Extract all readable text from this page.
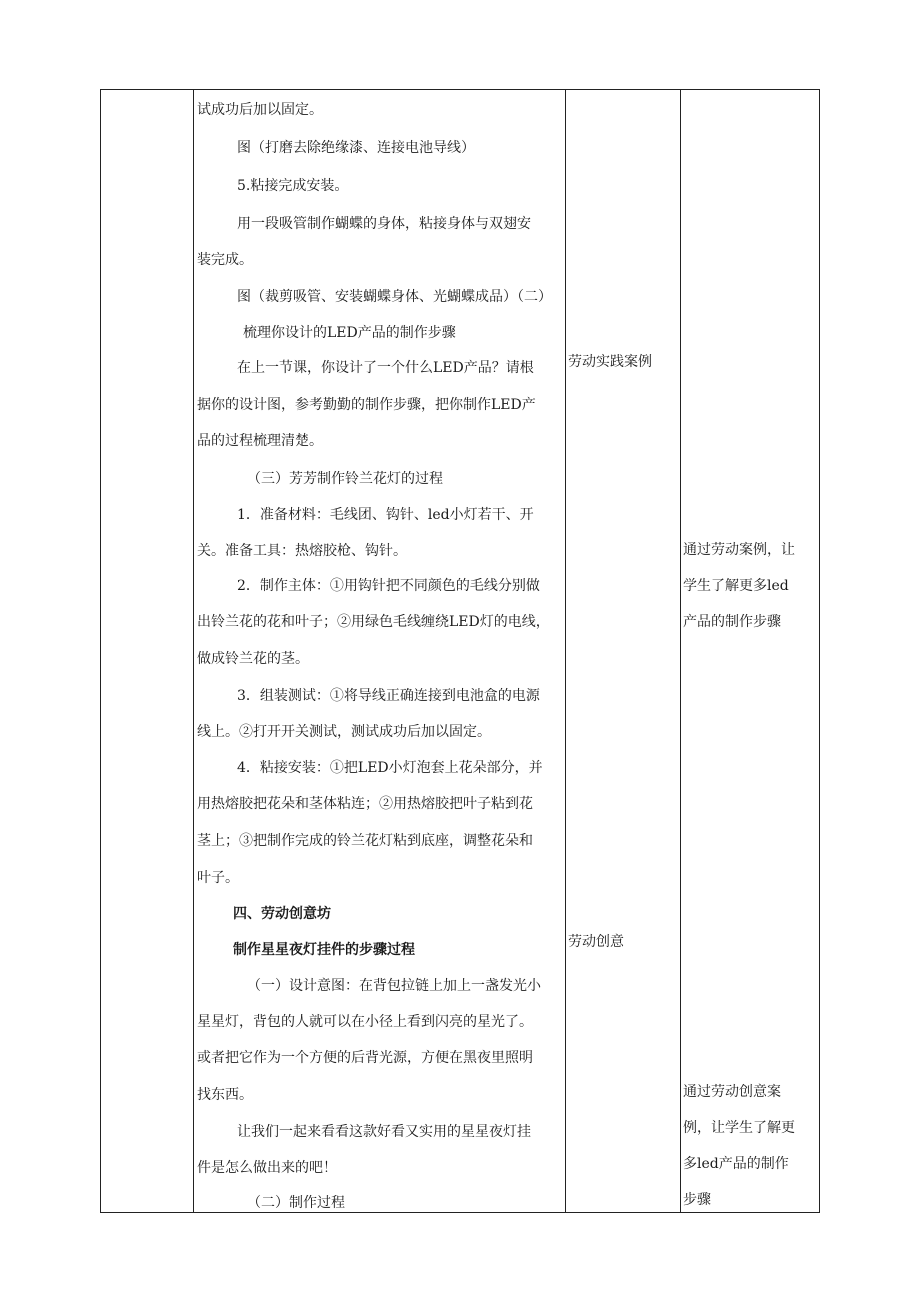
试成功后加以固定。
图（打磨去除绝缘漆、连接电池导线）
5.粘接完成安装。
用一段吸管制作蝴蝶的身体，粘接身体与双翅安
装完成。
图（裁剪吸管、安装蝴蝶身体、光蝴蝶成品）（二）
梳理你设计的LED产品的制作步骤
在上一节课，你设计了一个什么LED产品？请根
据你的设计图，参考勤勤的制作步骤，把你制作LED产
品的过程梳理清楚。
（三）芳芳制作铃兰花灯的过程
1．准备材料：毛线团、钩针、led小灯若干、开
关。准备工具：热熔胶枪、钩针。
2．制作主体：①用钩针把不同颜色的毛线分别做
出铃兰花的花和叶子；②用绿色毛线缠绕LED灯的电线，
做成铃兰花的茎。
3．组装测试：①将导线正确连接到电池盒的电源
线上。②打开开关测试，测试成功后加以固定。
4．粘接安装：①把LED小灯泡套上花朵部分，并
用热熔胶把花朵和茎体粘连；②用热熔胶把叶子粘到花
茎上；③把制作完成的铃兰花灯粘到底座，调整花朵和
叶子。
四、劳动创意坊
制作星星夜灯挂件的步骤过程
（一）设计意图：在背包拉链上加上一盏发光小
星星灯，背包的人就可以在小径上看到闪亮的星光了。
或者把它作为一个方便的后背光源，方便在黑夜里照明
找东西。
让我们一起来看看这款好看又实用的星星夜灯挂
件是怎么做出来的吧！
（二）制作过程
劳动实践案例
劳动创意
通过劳动案例，让
学生了解更多led
产品的制作步骤
通过劳动创意案
例，让学生了解更
多led产品的制作
步骤
